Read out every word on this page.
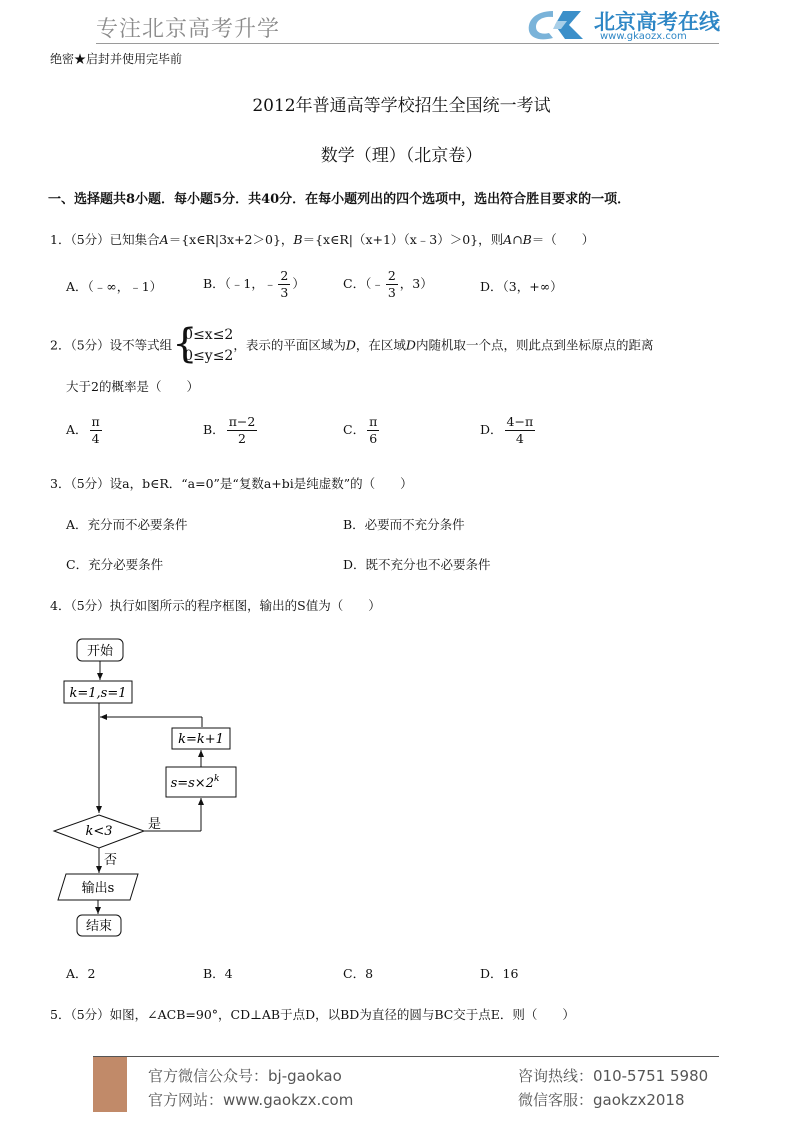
专注北京高考升学	北京高考在线
www.gkaozx.com
绝密★启封并使用完毕前
2012年普通高等学校招生全国统一考试
数学（理）（北京卷）
一、选择题共8小题．每小题5分．共40分．在每小题列出的四个选项中，选出符合胜目要求的一项．
1．（5分）已知集合A＝{x∈R|3x+2＞0}，B＝{x∈R|（x+1）（x﹣3）＞0}，则A∩B＝（　　）
A．（﹣∞，﹣1）	B．（﹣1，﹣ $\frac{2}{3}$ ）	C．（﹣ $\frac{2}{3}$ ，3）	D．（3，+∞）
2．（5分）设不等式组 {
0≤x≤2
0≤y≤2
，表示的平面区域为D，在区域D内随机取一个点，则此点到坐标原点的距离
大于2的概率是（　　）
A． $\frac{\pi}{4}$	B． $\frac{\pi-2}{2}$	C． $\frac{\pi}{6}$	D． $\frac{4-\pi}{4}$
3．（5分）设a，b∈R．“a=0”是“复数a+bi是纯虚数”的（　　）
A．充分而不必要条件	B．必要而不充分条件
C．充分必要条件	D．既不充分也不必要条件
4．（5分）执行如图所示的程序框图，输出的S值为（　　）
开始
k=1,s=1
k=k+1
$s=s\times 2^k$
k<3	是
否
输出s
结束
A．2	B．4	C．8	D．16
5．（5分）如图，∠ACB=90°，CD⊥AB于点D，以BD为直径的圆与BC交于点E．则（　　）
官方微信公众号：bj-gaokao
官方网站：www.gaokzx.com
咨询热线：010-5751 5980
微信客服：gaokzx2018
